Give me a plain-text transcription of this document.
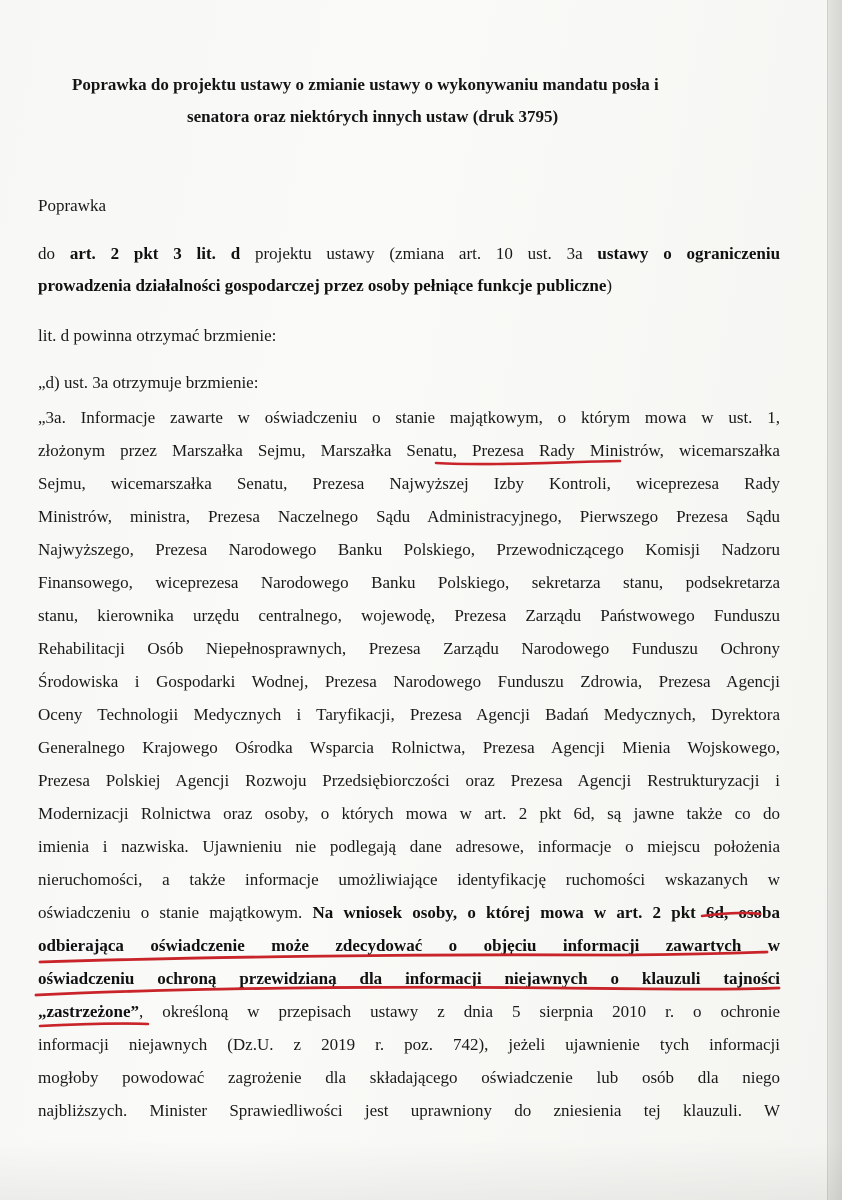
Poprawka do projektu ustawy o zmianie ustawy o wykonywaniu mandatu posła i

senatora oraz niektórych innych ustaw (druk 3795)

Poprawka

do art. 2 pkt 3 lit. d projektu ustawy (zmiana art. 10 ust. 3a ustawy o ograniczeniu

prowadzenia działalności gospodarczej przez osoby pełniące funkcje publiczne)

lit. d powinna otrzymać brzmienie:

„d) ust. 3a otrzymuje brzmienie:

„3a. Informacje zawarte w oświadczeniu o stanie majątkowym, o którym mowa w ust. 1,

złożonym przez Marszałka Sejmu, Marszałka Senatu, Prezesa Rady Ministrów, wicemarszałka

Sejmu, wicemarszałka Senatu, Prezesa Najwyższej Izby Kontroli, wiceprezesa Rady

Ministrów, ministra, Prezesa Naczelnego Sądu Administracyjnego, Pierwszego Prezesa Sądu

Najwyższego, Prezesa Narodowego Banku Polskiego, Przewodniczącego Komisji Nadzoru

Finansowego, wiceprezesa Narodowego Banku Polskiego, sekretarza stanu, podsekretarza

stanu, kierownika urzędu centralnego, wojewodę, Prezesa Zarządu Państwowego Funduszu

Rehabilitacji Osób Niepełnosprawnych, Prezesa Zarządu Narodowego Funduszu Ochrony

Środowiska i Gospodarki Wodnej, Prezesa Narodowego Funduszu Zdrowia, Prezesa Agencji

Oceny Technologii Medycznych i Taryfikacji, Prezesa Agencji Badań Medycznych, Dyrektora

Generalnego Krajowego Ośrodka Wsparcia Rolnictwa, Prezesa Agencji Mienia Wojskowego,

Prezesa Polskiej Agencji Rozwoju Przedsiębiorczości oraz Prezesa Agencji Restrukturyzacji i

Modernizacji Rolnictwa oraz osoby, o których mowa w art. 2 pkt 6d, są jawne także co do

imienia i nazwiska. Ujawnieniu nie podlegają dane adresowe, informacje o miejscu położenia

nieruchomości, a także informacje umożliwiające identyfikację ruchomości wskazanych w

oświadczeniu o stanie majątkowym. Na wniosek osoby, o której mowa w art. 2 pkt 6d, osoba

odbierająca oświadczenie może zdecydować o objęciu informacji zawartych w

oświadczeniu ochroną przewidzianą dla informacji niejawnych o klauzuli tajności

„zastrzeżone”, określoną w przepisach ustawy z dnia 5 sierpnia 2010 r. o ochronie

informacji niejawnych (Dz.U. z 2019 r. poz. 742), jeżeli ujawnienie tych informacji

mogłoby powodować zagrożenie dla składającego oświadczenie lub osób dla niego

najbliższych. Minister Sprawiedliwości jest uprawniony do zniesienia tej klauzuli. W
